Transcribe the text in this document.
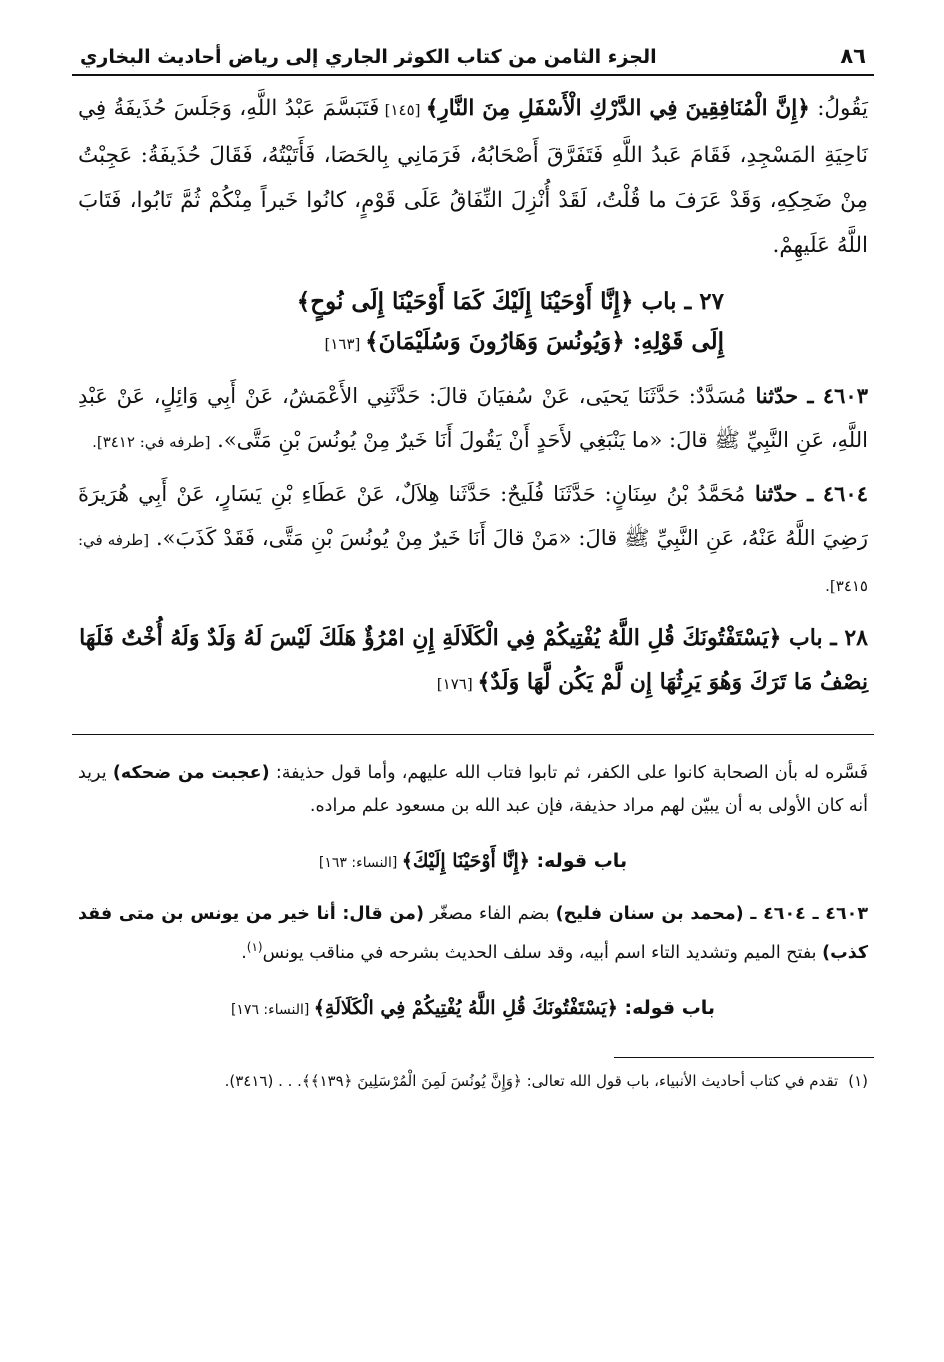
٨٦
الجزء الثامن من كتاب الكوثر الجاري إلى رياض أحاديث البخاري

يَقُولُ: ﴿إِنَّ الْمُنَافِقِينَ فِي الدَّرْكِ الْأَسْفَلِ مِنَ النَّارِ﴾ [١٤٥] فَتَبَسَّمَ عَبْدُ اللَّهِ، وَجَلَسَ حُذَيفَةُ فِي نَاحِيَةِ المَسْجِدِ، فَقَامَ عَبدُ اللَّهِ فَتَفَرَّقَ أَصْحَابُهُ، فَرَمَانِي بِالحَصَا، فَأَتَيْتُهُ، فَقَالَ حُذَيفَةُ: عَجِبْتُ مِنْ ضَحِكِهِ، وَقَدْ عَرَفَ ما قُلْتُ، لَقَدْ أُنْزِلَ النِّفَاقُ عَلَى قَوْمٍ، كانُوا خَيراً مِنْكُمْ ثُمَّ تَابُوا، فَتَابَ اللَّهُ عَلَيهِمْ.

٢٧ ـ باب ﴿إِنَّا أَوْحَيْنَا إِلَيْكَ كَمَا أَوْحَيْنَا إِلَى نُوحٍ﴾
إِلَى قَوْلِهِ: ﴿وَيُونُسَ وَهَارُونَ وَسُلَيْمَانَ﴾ [١٦٣]

٤٦٠٣ ـ حدّثنا مُسَدَّدٌ: حَدَّثَنَا يَحيَى، عَنْ سُفيَانَ قالَ: حَدَّثَنِي الأَعْمَشُ، عَنْ أَبِي وَائِلٍ، عَنْ عَبْدِ اللَّهِ، عَنِ النَّبِيِّ ﷺ قالَ: «ما يَنْبَغِي لأَحَدٍ أَنْ يَقُولَ أَنَا خَيرٌ مِنْ يُونُسَ بْنِ مَتَّى». [طرفه في: ٣٤١٢].

٤٦٠٤ ـ حدّثنا مُحَمَّدُ بْنُ سِنَانٍ: حَدَّثَنَا فُلَيحٌ: حَدَّثَنا هِلاَلٌ، عَنْ عَطَاءِ بْنِ يَسَارٍ، عَنْ أَبِي هُرَيرَةَ رَضِيَ اللَّهُ عَنْهُ، عَنِ النَّبِيِّ ﷺ قالَ: «مَنْ قالَ أَنَا خَيرٌ مِنْ يُونُسَ بْنِ مَتَّى، فَقَدْ كَذَبَ». [طرفه في: ٣٤١٥].

٢٨ ـ باب ﴿يَسْتَفْتُونَكَ قُلِ اللَّهُ يُفْتِيكُمْ فِي الْكَلَالَةِ إِنِ امْرُؤٌ هَلَكَ لَيْسَ لَهُ وَلَدٌ وَلَهُ أُخْتٌ فَلَهَا نِصْفُ مَا تَرَكَ وَهُوَ يَرِثُهَا إِن لَّمْ يَكُن لَّهَا وَلَدٌ﴾ [١٧٦]

فَسَّره له بأن الصحابة كانوا على الكفر، ثم تابوا فتاب الله عليهم، وأما قول حذيفة: (عجبت من ضحكه) يريد أنه كان الأولى به أن يبيّن لهم مراد حذيفة، فإن عبد الله بن مسعود علم مراده.

باب قوله: ﴿إِنَّا أَوْحَيْنَا إِلَيْكَ﴾ [النساء: ١٦٣]

٤٦٠٣ ـ ٤٦٠٤ ـ (محمد بن سنان فليح) بضم الفاء مصغّر (من قال: أنا خير من يونس بن متى فقد كذب) بفتح الميم وتشديد التاء اسم أبيه، وقد سلف الحديث بشرحه في مناقب يونس$^{(١)}$.

باب قوله: ﴿يَسْتَفْتُونَكَ قُلِ اللَّهُ يُفْتِيكُمْ فِي الْكَلَالَةِ﴾ [النساء: ١٧٦]
(١)تقدم في كتاب أحاديث الأنبياء، باب قول الله تعالى: ﴿وَإِنَّ يُونُسَ لَمِنَ الْمُرْسَلِينَ ﴿١٣٩﴾﴾. . . (٣٤١٦).
